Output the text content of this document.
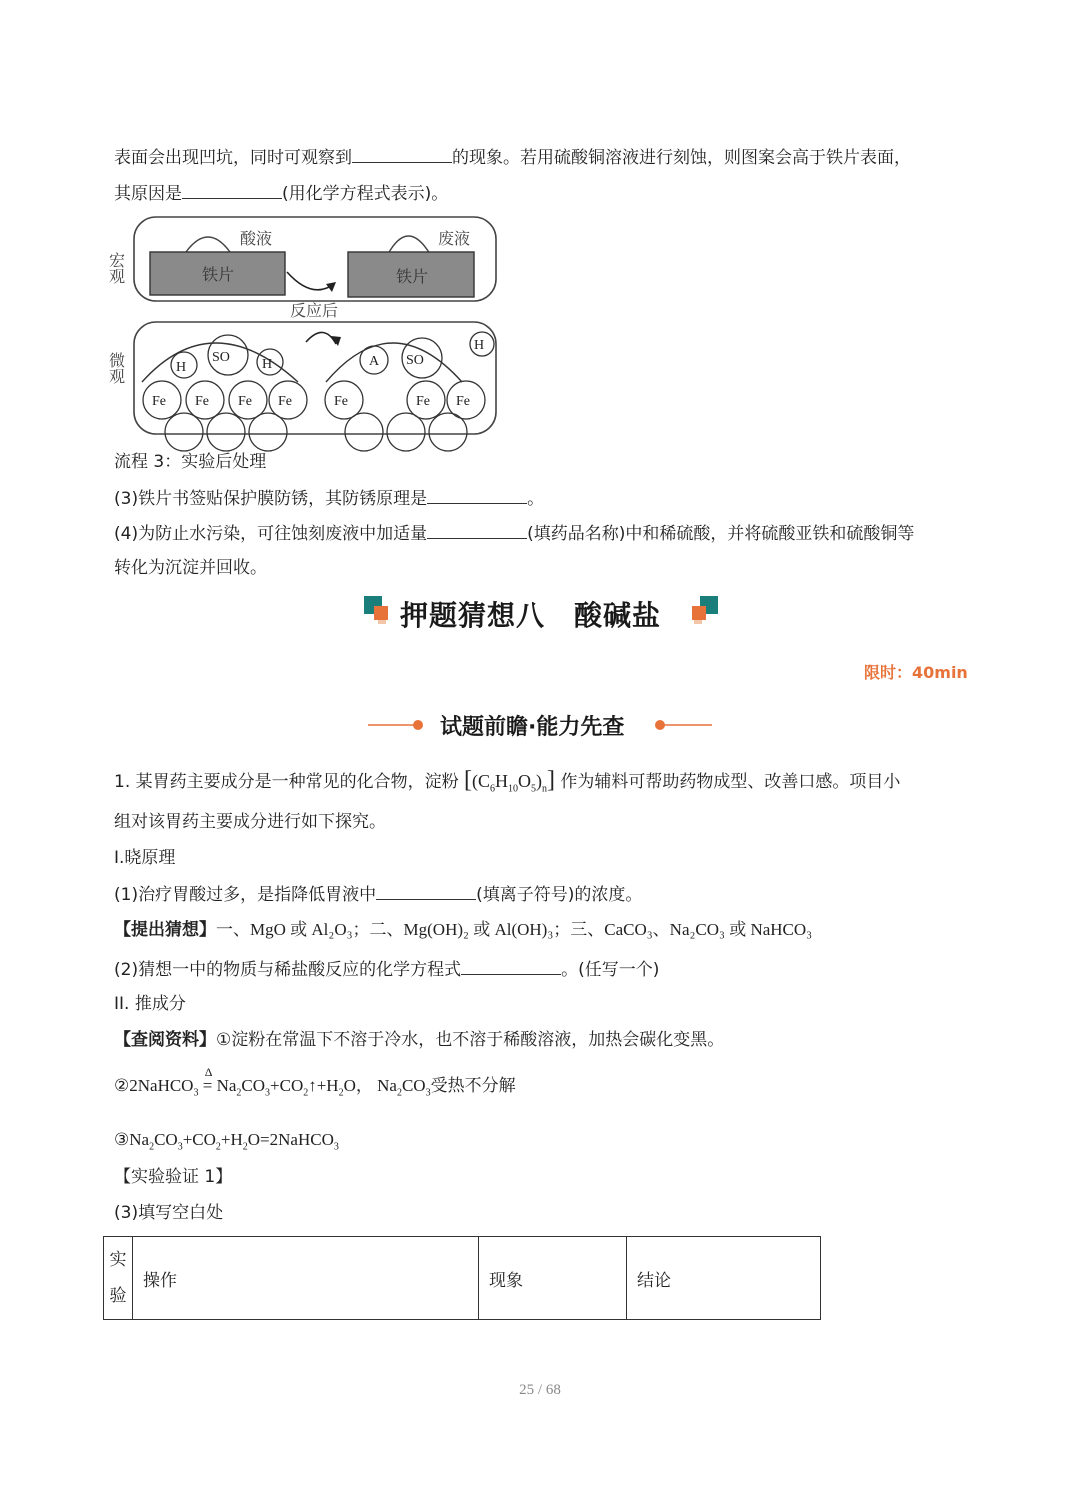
表面会出现凹坑，同时可观察到	的现象。若用硫酸铜溶液进行刻蚀，则图案会高于铁片表面，
其原因是	(用化学方程式表示)。
宏观
微观
酸液
铁片
废液
铁片
反应后
H
SO H
Fe Fe Fe Fe
A SO
H
Fe	Fe Fe
流程 3：实验后处理
(3)铁片书签贴保护膜防锈，其防锈原理是	。
(4)为防止水污染，可往蚀刻废液中加适量	(填药品名称)中和稀硫酸，并将硫酸亚铁和硫酸铜等
转化为沉淀并回收。
押题猜想八　酸碱盐
限时：40min
试题前瞻·能力先查
1. 某胃药主要成分是一种常见的化合物，淀粉 $[(C_6H_{10}O_5)_n]$ 作为辅料可帮助药物成型、改善口感。项目小
组对该胃药主要成分进行如下探究。
I.晓原理
(1)治疗胃酸过多，是指降低胃液中	(填离子符号)的浓度。
【提出猜想】一、MgO 或 Al₂O₃；二、Mg(OH)₂ 或 Al(OH)₃；三、CaCO₃、Na₂CO₃ 或 NaHCO₃
(2)猜想一中的物质与稀盐酸反应的化学方程式	。(任写一个)
II. 推成分
【查阅资料】①淀粉在常温下不溶于冷水，也不溶于稀酸溶液，加热会碳化变黑。
②2NaHCO$_3$
Δ
= $Na_2CO_3+CO_2↑+H_2O$， $Na_2CO_3$受热不分解
$③Na_2CO_3+CO_2+H_2O=2NaHCO_3$
【实验验证 1】
(3)填写空白处
实验	操作	现象	结论
25 / 68
